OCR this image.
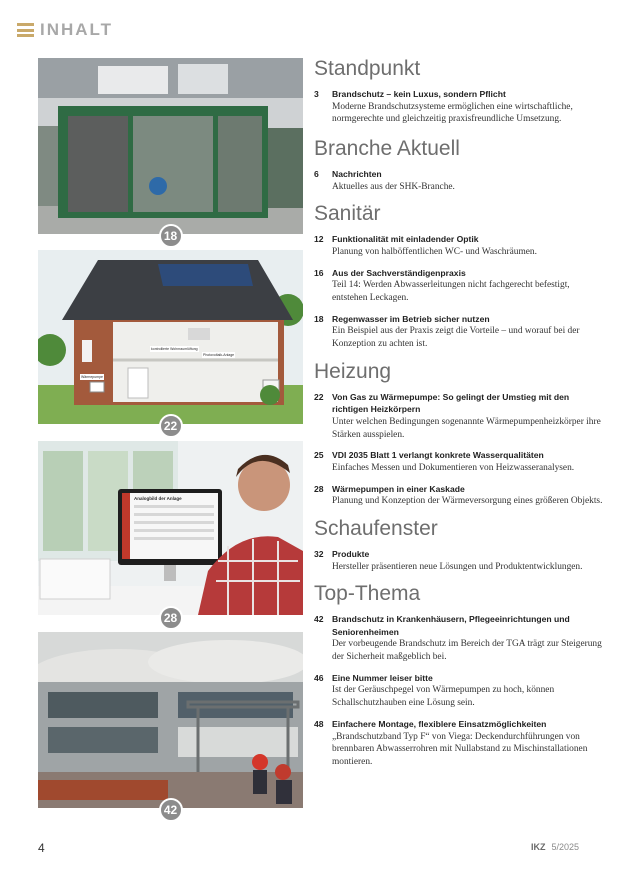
INHALT
18
Wärmepumpe
kontrollierte Wohnraumlüftung
Photovoltaik-Anlage
22
Analogbild der Anlage
28
42
Standpunkt
3	Brandschutz – kein Luxus, sondern Pflicht
Moderne Brandschutzsysteme ermöglichen eine wirtschaftliche, normgerechte und gleichzeitig praxisfreundliche Umsetzung.
Branche Aktuell
6	Nachrichten
Aktuelles aus der SHK-Branche.
Sanitär
12 Funktionalität mit einladender Optik
Planung von halböffentlichen WC- und Waschräumen.
16 Aus der Sachverständigenpraxis
Teil 14: Werden Abwasserleitungen nicht fachgerecht befestigt, entstehen Leckagen.
18 Regenwasser im Betrieb sicher nutzen
Ein Beispiel aus der Praxis zeigt die Vorteile – und worauf bei der Konzeption zu achten ist.
Heizung
22 Von Gas zu Wärmepumpe: So gelingt der Umstieg mit den richtigen Heizkörpern
Unter welchen Bedingungen sogenannte Wärmepumpenheizkörper ihre Stärken ausspielen.
25 VDI 2035 Blatt 1 verlangt konkrete Wasserqualitäten
Einfaches Messen und Dokumentieren von Heizwasseranalysen.
28 Wärmepumpen in einer Kaskade
Planung und Konzeption der Wärmeversorgung eines größeren Objekts.
Schaufenster
32 Produkte
Hersteller präsentieren neue Lösungen und Produktentwicklungen.
Top-Thema
42 Brandschutz in Krankenhäusern, Pflegeeinrichtungen und Seniorenheimen
Der vorbeugende Brandschutz im Bereich der TGA trägt zur Steigerung der Sicherheit maßgeblich bei.
46 Eine Nummer leiser bitte
Ist der Geräuschpegel von Wärmepumpen zu hoch, können Schallschutzhauben eine Lösung sein.
48 Einfachere Montage, flexiblere Einsatzmöglichkeiten
„Brandschutzband Typ F“ von Viega: Deckendurchführungen von brennbaren Abwasserrohren mit Nullabstand zu Mischinstallationen montieren.
4	IKZ 5/2025
